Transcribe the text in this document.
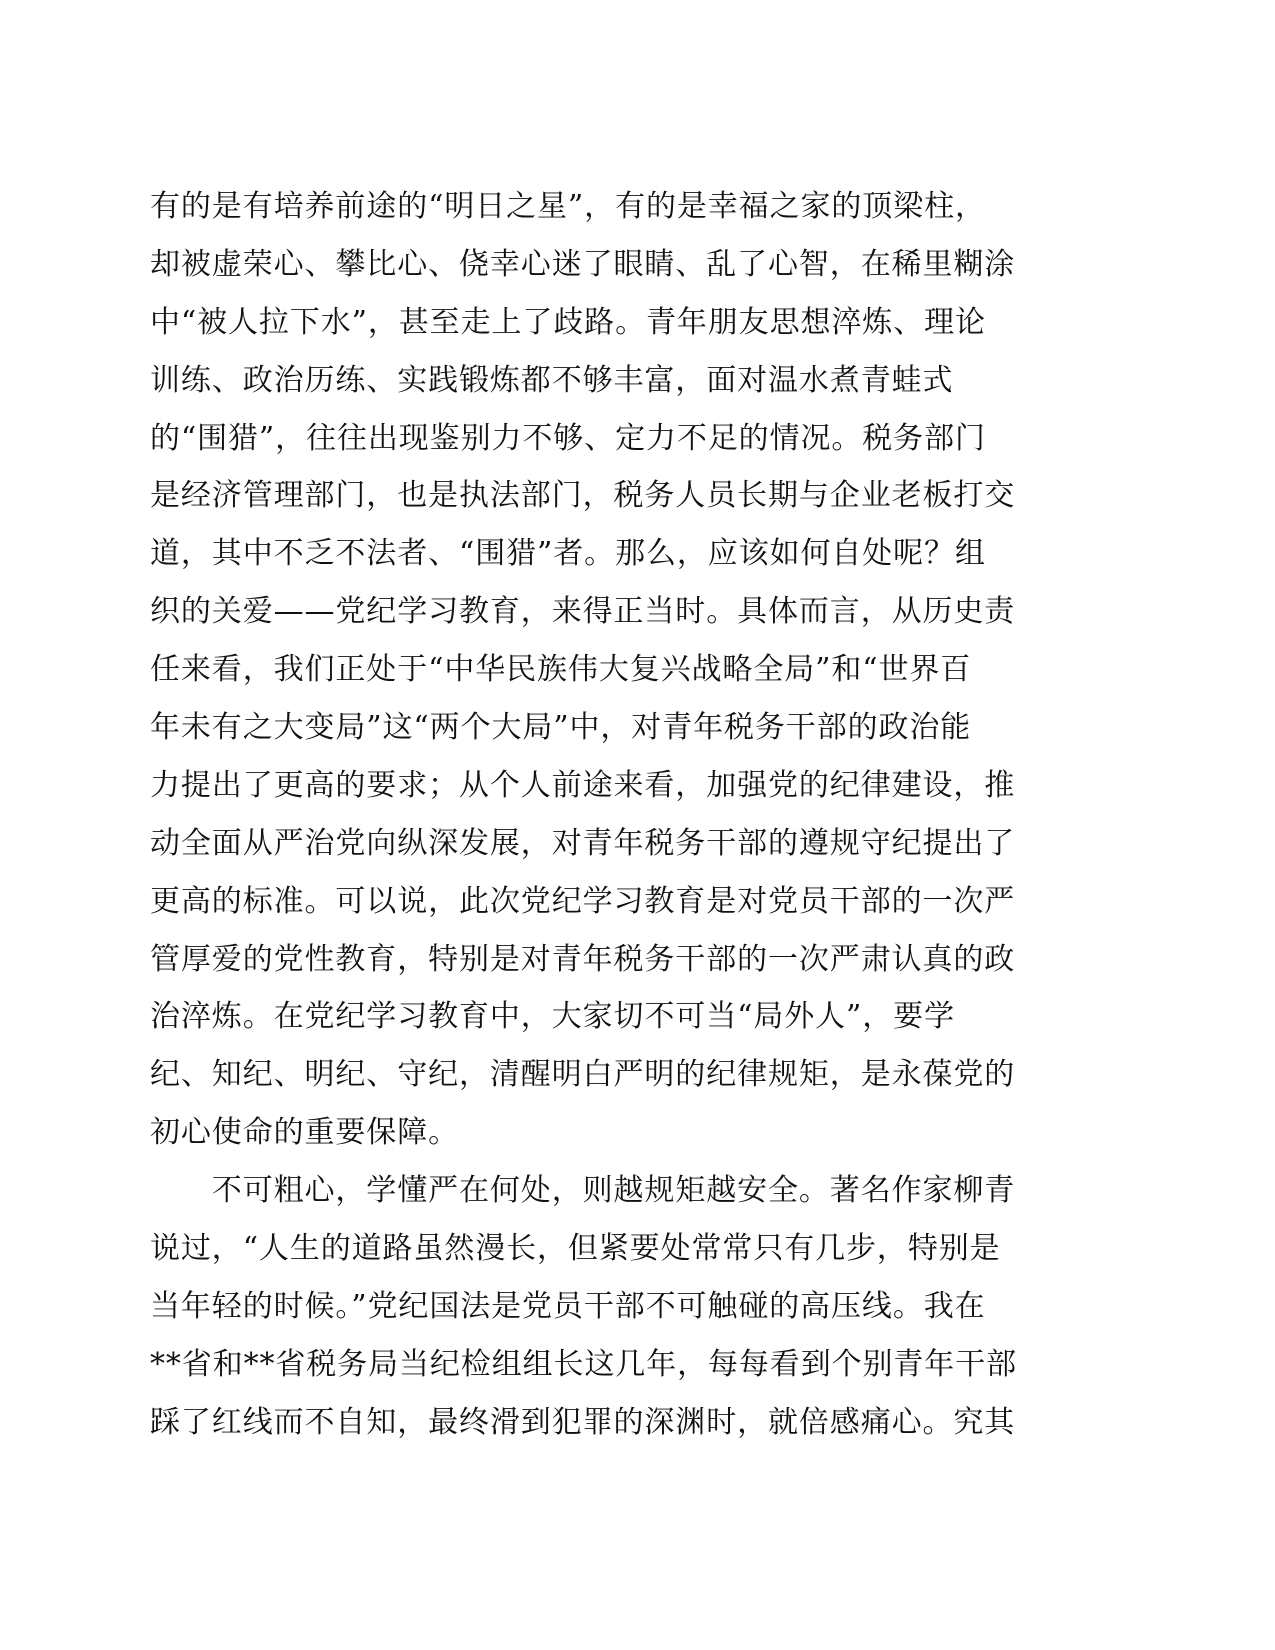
有的是有培养前途的“明日之星”，有的是幸福之家的顶梁柱，
却被虚荣心、攀比心、侥幸心迷了眼睛、乱了心智，在稀里糊涂
中“被人拉下水”，甚至走上了歧路。青年朋友思想淬炼、理论
训练、政治历练、实践锻炼都不够丰富，面对温水煮青蛙式
的“围猎”，往往出现鉴别力不够、定力不足的情况。税务部门
是经济管理部门，也是执法部门，税务人员长期与企业老板打交
道，其中不乏不法者、“围猎”者。那么，应该如何自处呢？组
织的关爱——党纪学习教育，来得正当时。具体而言，从历史责
任来看，我们正处于“中华民族伟大复兴战略全局”和“世界百
年未有之大变局”这“两个大局”中，对青年税务干部的政治能
力提出了更高的要求；从个人前途来看，加强党的纪律建设，推
动全面从严治党向纵深发展，对青年税务干部的遵规守纪提出了
更高的标准。可以说，此次党纪学习教育是对党员干部的一次严
管厚爱的党性教育，特别是对青年税务干部的一次严肃认真的政
治淬炼。在党纪学习教育中，大家切不可当“局外人”，要学
纪、知纪、明纪、守纪，清醒明白严明的纪律规矩，是永葆党的
初心使命的重要保障。
　　不可粗心，学懂严在何处，则越规矩越安全。著名作家柳青
说过，“人生的道路虽然漫长，但紧要处常常只有几步，特别是
当年轻的时候。”党纪国法是党员干部不可触碰的高压线。我在
**省和**省税务局当纪检组组长这几年，每每看到个别青年干部
踩了红线而不自知，最终滑到犯罪的深渊时，就倍感痛心。究其
